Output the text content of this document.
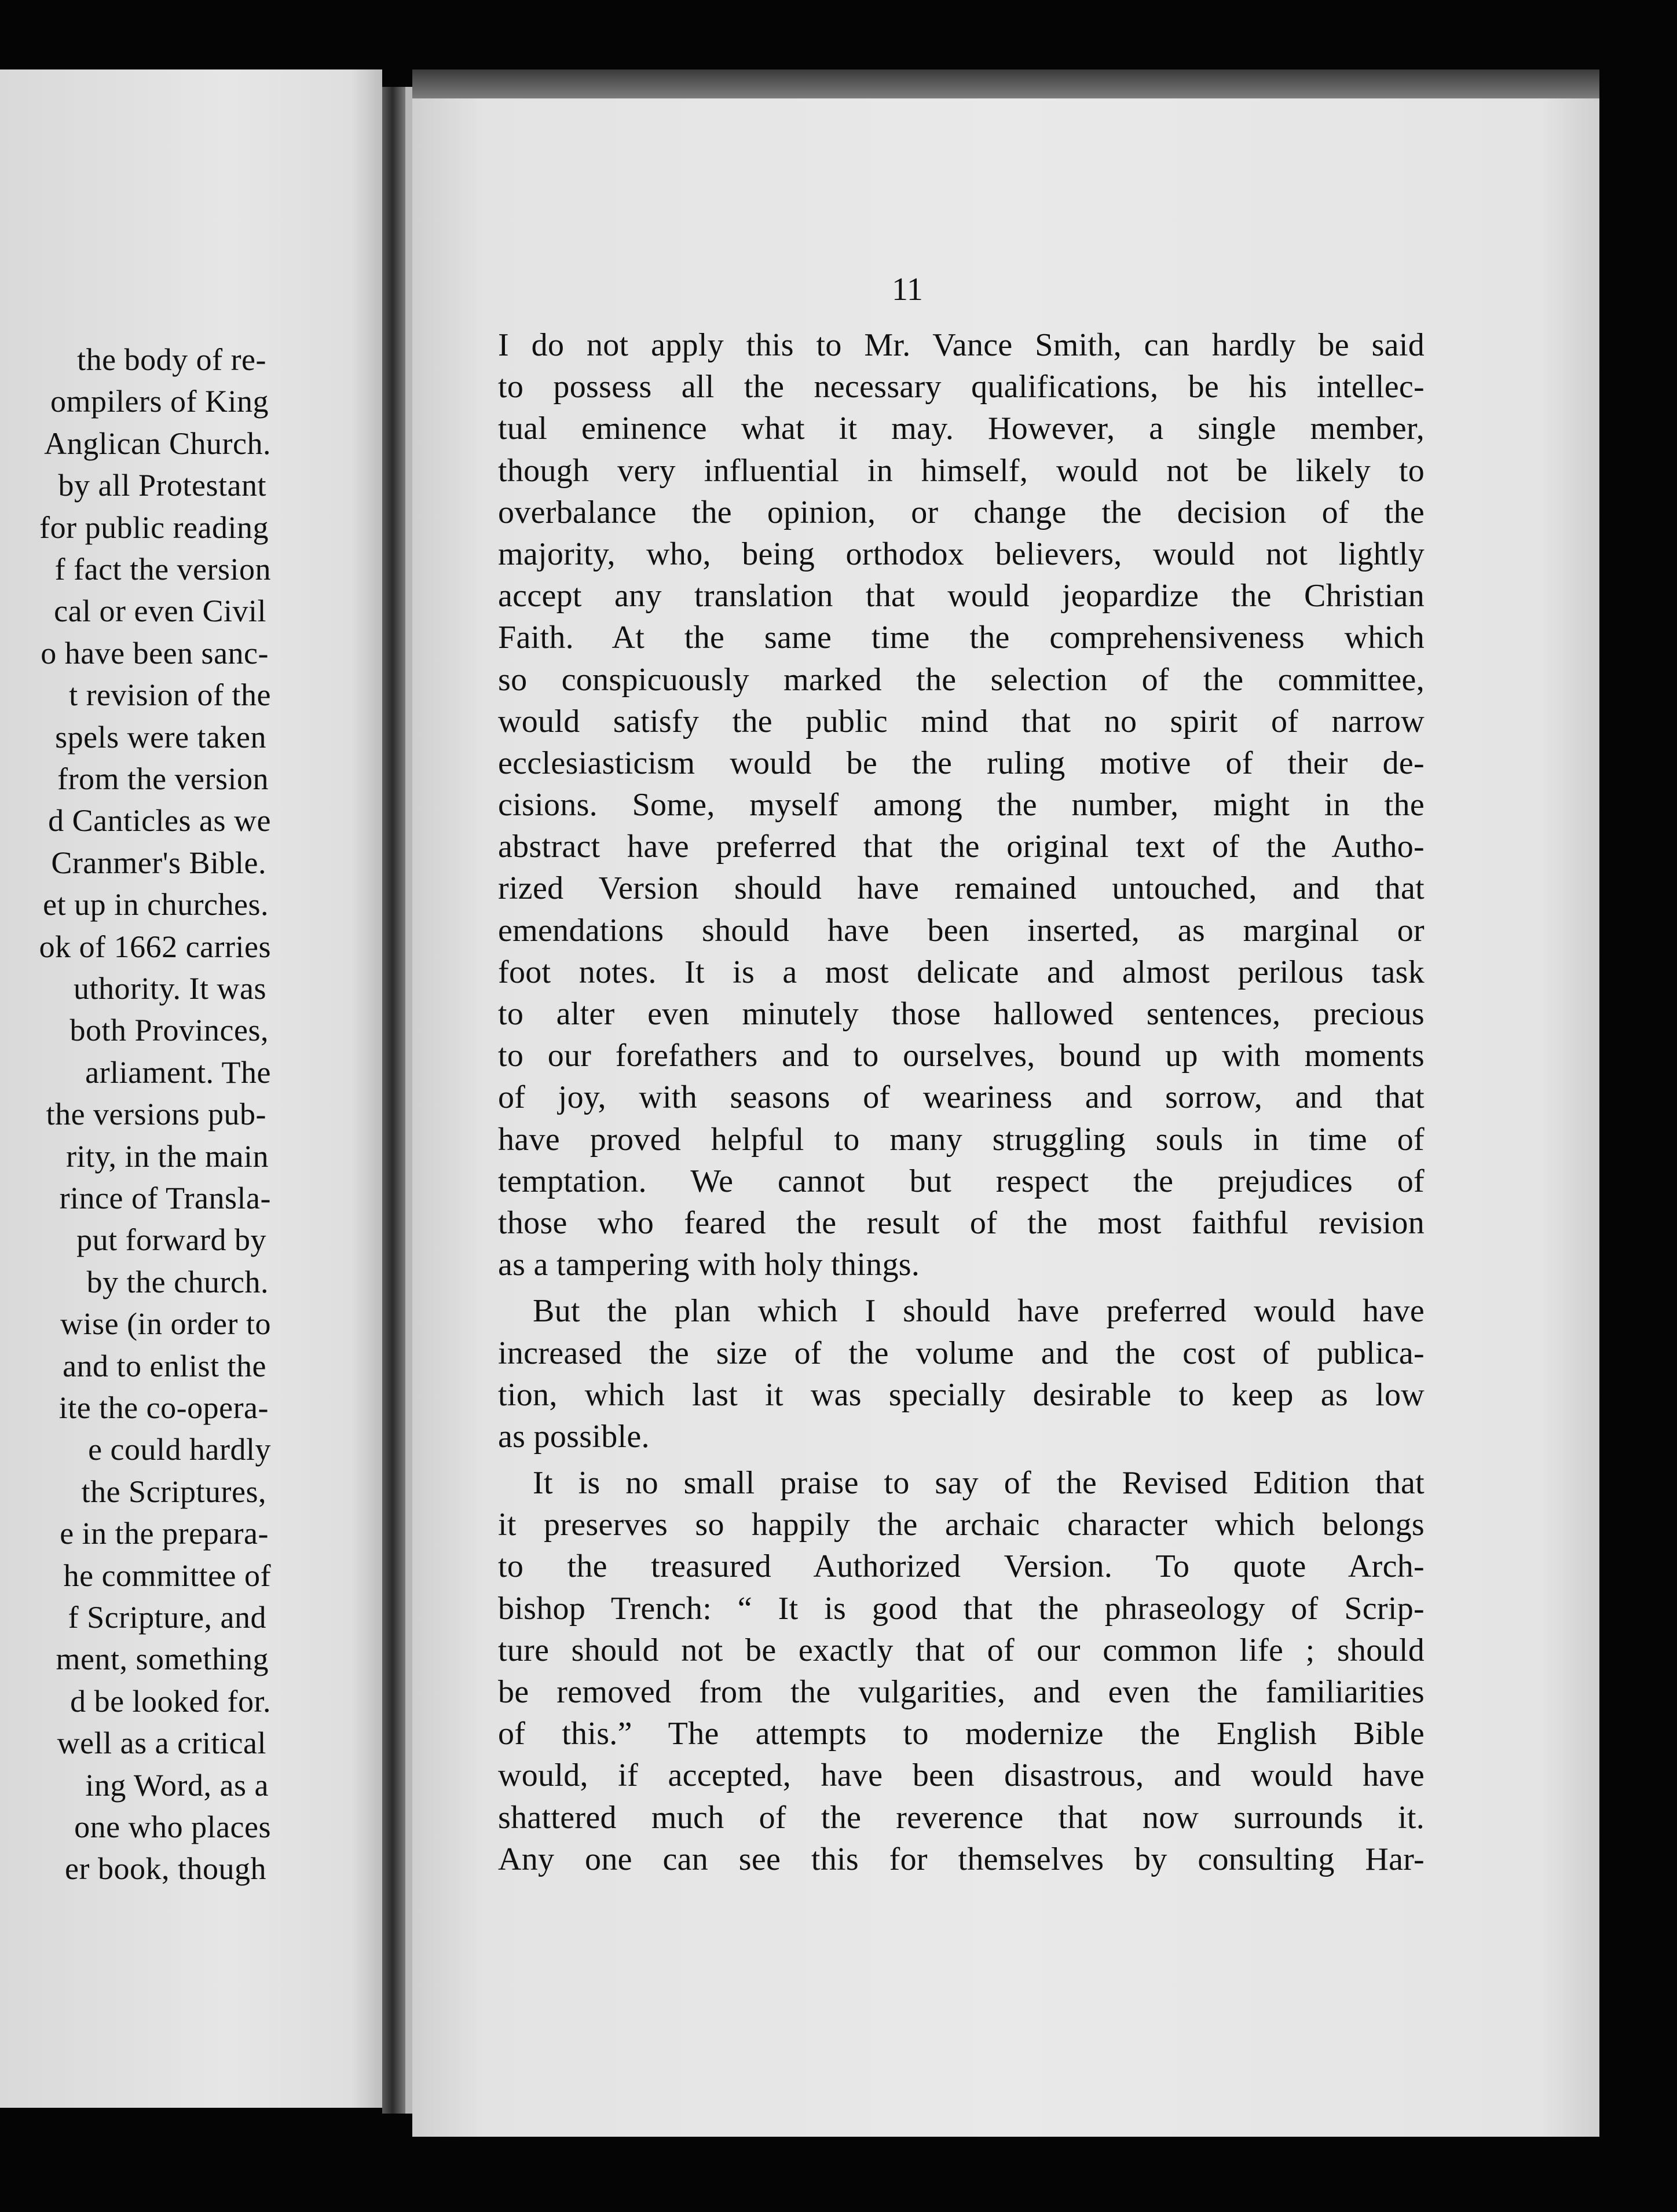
the body of re-
ompilers of King
Anglican Church.
by all Protestant
for public reading
f fact the version
cal or even Civil
o have been sanc-
t revision of the
spels were taken
from the version
d Canticles as we
Cranmer's Bible.
et up in churches.
ok of 1662 carries
uthority. It was
both Provinces,
arliament. The
the versions pub-
rity, in the main
rince of Transla-
put forward by
by the church.
wise (in order to
and to enlist the
ite the co-opera-
e could hardly
the Scriptures,
e in the prepara-
he committee of
f Scripture, and
ment, something
d be looked for.
well as a critical
ing Word, as a
one who places
er book, though
11
I do not apply this to Mr. Vance Smith, can hardly be said
to possess all the necessary qualifications, be his intellec-
tual eminence what it may. However, a single member,
though very influential in himself, would not be likely to
overbalance the opinion, or change the decision of the
majority, who, being orthodox believers, would not lightly
accept any translation that would jeopardize the Christian
Faith. At the same time the comprehensiveness which
so conspicuously marked the selection of the committee,
would satisfy the public mind that no spirit of narrow
ecclesiasticism would be the ruling motive of their de-
cisions. Some, myself among the number, might in the
abstract have preferred that the original text of the Autho-
rized Version should have remained untouched, and that
emendations should have been inserted, as marginal or
foot notes. It is a most delicate and almost perilous task
to alter even minutely those hallowed sentences, precious
to our forefathers and to ourselves, bound up with moments
of joy, with seasons of weariness and sorrow, and that
have proved helpful to many struggling souls in time of
temptation. We cannot but respect the prejudices of
those who feared the result of the most faithful revision
as a tampering with holy things.
But the plan which I should have preferred would have
increased the size of the volume and the cost of publica-
tion, which last it was specially desirable to keep as low
as possible.
It is no small praise to say of the Revised Edition that
it preserves so happily the archaic character which belongs
to the treasured Authorized Version. To quote Arch-
bishop Trench: “ It is good that the phraseology of Scrip-
ture should not be exactly that of our common life ; should
be removed from the vulgarities, and even the familiarities
of this.” The attempts to modernize the English Bible
would, if accepted, have been disastrous, and would have
shattered much of the reverence that now surrounds it.
Any one can see this for themselves by consulting Har-
